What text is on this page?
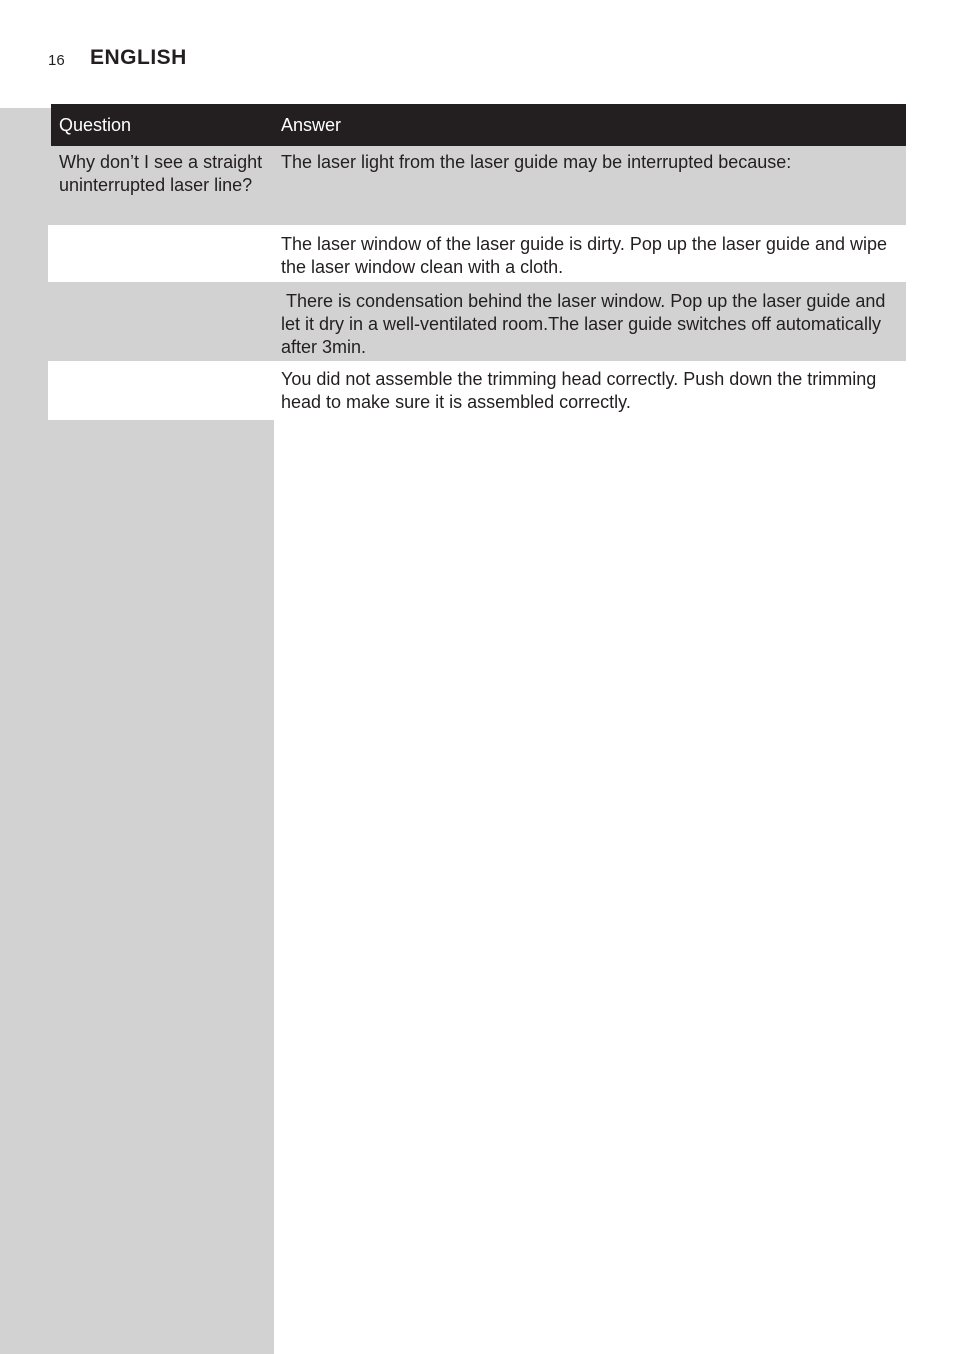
16 ENGLISH
Question	Answer
Why don’t I see a straight uninterrupted laser line?
The laser light from the laser guide may be interrupted because:
The laser window of the laser guide is dirty. Pop up the laser guide and wipe the laser window clean with a cloth.
There is condensation behind the laser window. Pop up the laser guide and let it dry in a well-ventilated room.The laser guide switches off automatically after 3min.
You did not assemble the trimming head correctly. Push down the trimming head to make sure it is assembled correctly.
